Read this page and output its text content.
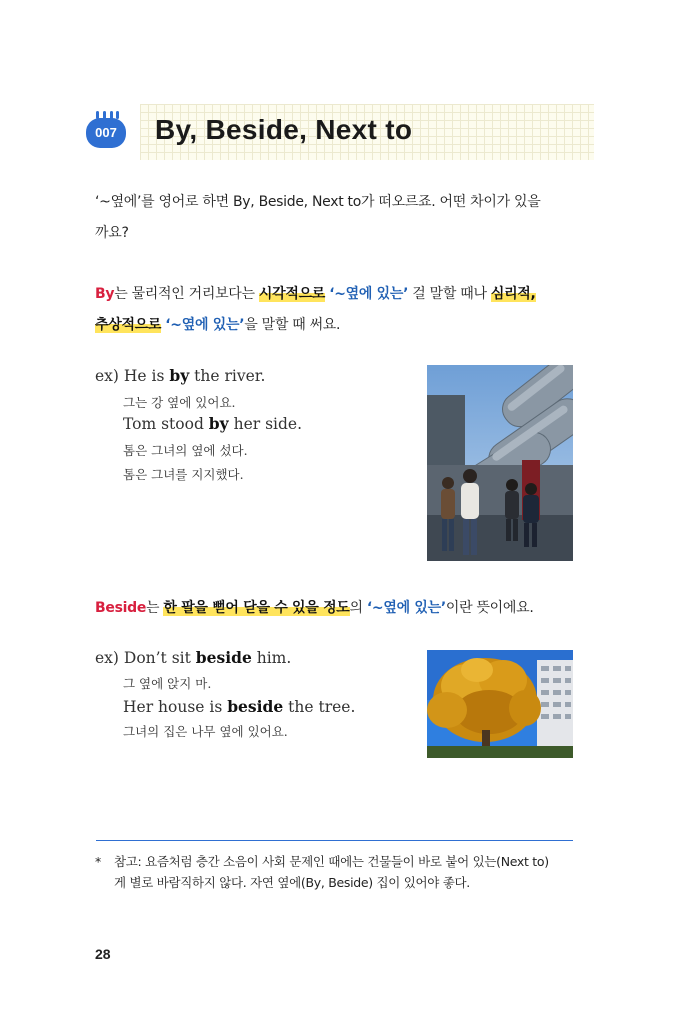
007	By, Beside, Next to
‘~옆에’를 영어로 하면 By, Beside, Next to가 떠오르죠. 어떤 차이가 있을
까요?
By는 물리적인 거리보다는 시각적으로 ‘~옆에 있는’ 걸 말할 때나 심리적,
추상적으로 ‘~옆에 있는’을 말할 때 써요.
ex) He is by the river.
그는 강 옆에 있어요.
Tom stood by her side.
톰은 그녀의 옆에 섰다.
톰은 그녀를 지지했다.
Beside는 한 팔을 뻗어 닫을 수 있을 정도의 ‘~옆에 있는’이란 뜻이에요.
ex) Don’t sit beside him.
그 옆에 앉지 마.
Her house is beside the tree.
그녀의 집은 나무 옆에 있어요.
* 참고: 요즘처럼 층간 소음이 사회 문제인 때에는 건물들이 바로 붙어 있는(Next to)
게 별로 바람직하지 않다. 자연 옆에(By, Beside) 집이 있어야 좋다.
28
